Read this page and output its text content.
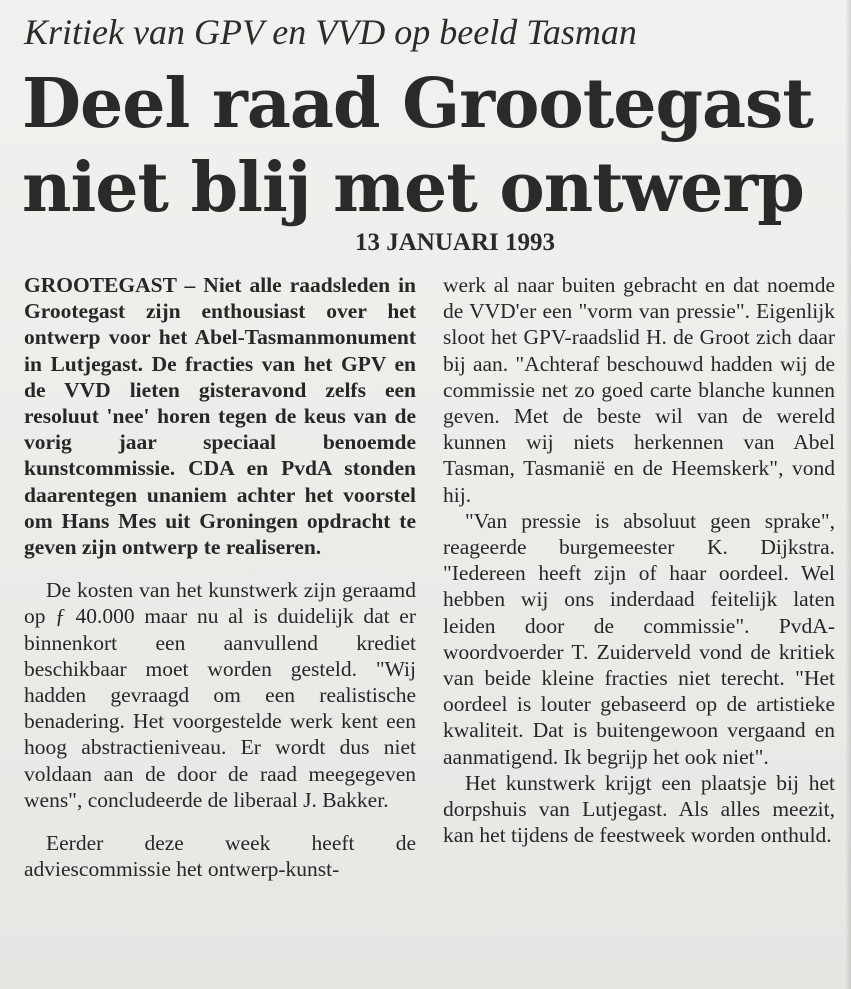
Kritiek van GPV en VVD op beeld Tasman
Deel raad Grootegast
niet blij met ontwerp
13 JANUARI 1993

GROOTEGAST – Niet alle raadsleden in Grootegast zijn enthousiast over het ontwerp voor het Abel-Tasmanmonument in Lutjegast. De fracties van het GPV en de VVD lieten gisteravond zelfs een resoluut 'nee' horen tegen de keus van de vorig jaar speciaal benoemde kunstcommissie. CDA en PvdA stonden daarentegen unaniem achter het voorstel om Hans Mes uit Groningen opdracht te geven zijn ontwerp te realiseren.

De kosten van het kunstwerk zijn geraamd op ƒ 40.000 maar nu al is duidelijk dat er binnenkort een aanvullend krediet beschikbaar moet worden gesteld. "Wij hadden gevraagd om een realistische benadering. Het voorgestelde werk kent een hoog abstractieniveau. Er wordt dus niet voldaan aan de door de raad meegegeven wens", concludeerde de liberaal J. Bakker.

Eerder deze week heeft de adviescommissie het ontwerp-kunst-

werk al naar buiten gebracht en dat noemde de VVD'er een "vorm van pressie". Eigenlijk sloot het GPV-raadslid H. de Groot zich daar bij aan. "Achteraf beschouwd hadden wij de commissie net zo goed carte blanche kunnen geven. Met de beste wil van de wereld kunnen wij niets herkennen van Abel Tasman, Tasmanië en de Heemskerk", vond hij.

"Van pressie is absoluut geen sprake", reageerde burgemeester K. Dijkstra. "Iedereen heeft zijn of haar oordeel. Wel hebben wij ons inderdaad feitelijk laten leiden door de commissie". PvdA-woordvoerder T. Zuiderveld vond de kritiek van beide kleine fracties niet terecht. "Het oordeel is louter gebaseerd op de artistieke kwaliteit. Dat is buitengewoon vergaand en aanmatigend. Ik begrijp het ook niet".

Het kunstwerk krijgt een plaatsje bij het dorpshuis van Lutjegast. Als alles meezit, kan het tijdens de feestweek worden onthuld.
